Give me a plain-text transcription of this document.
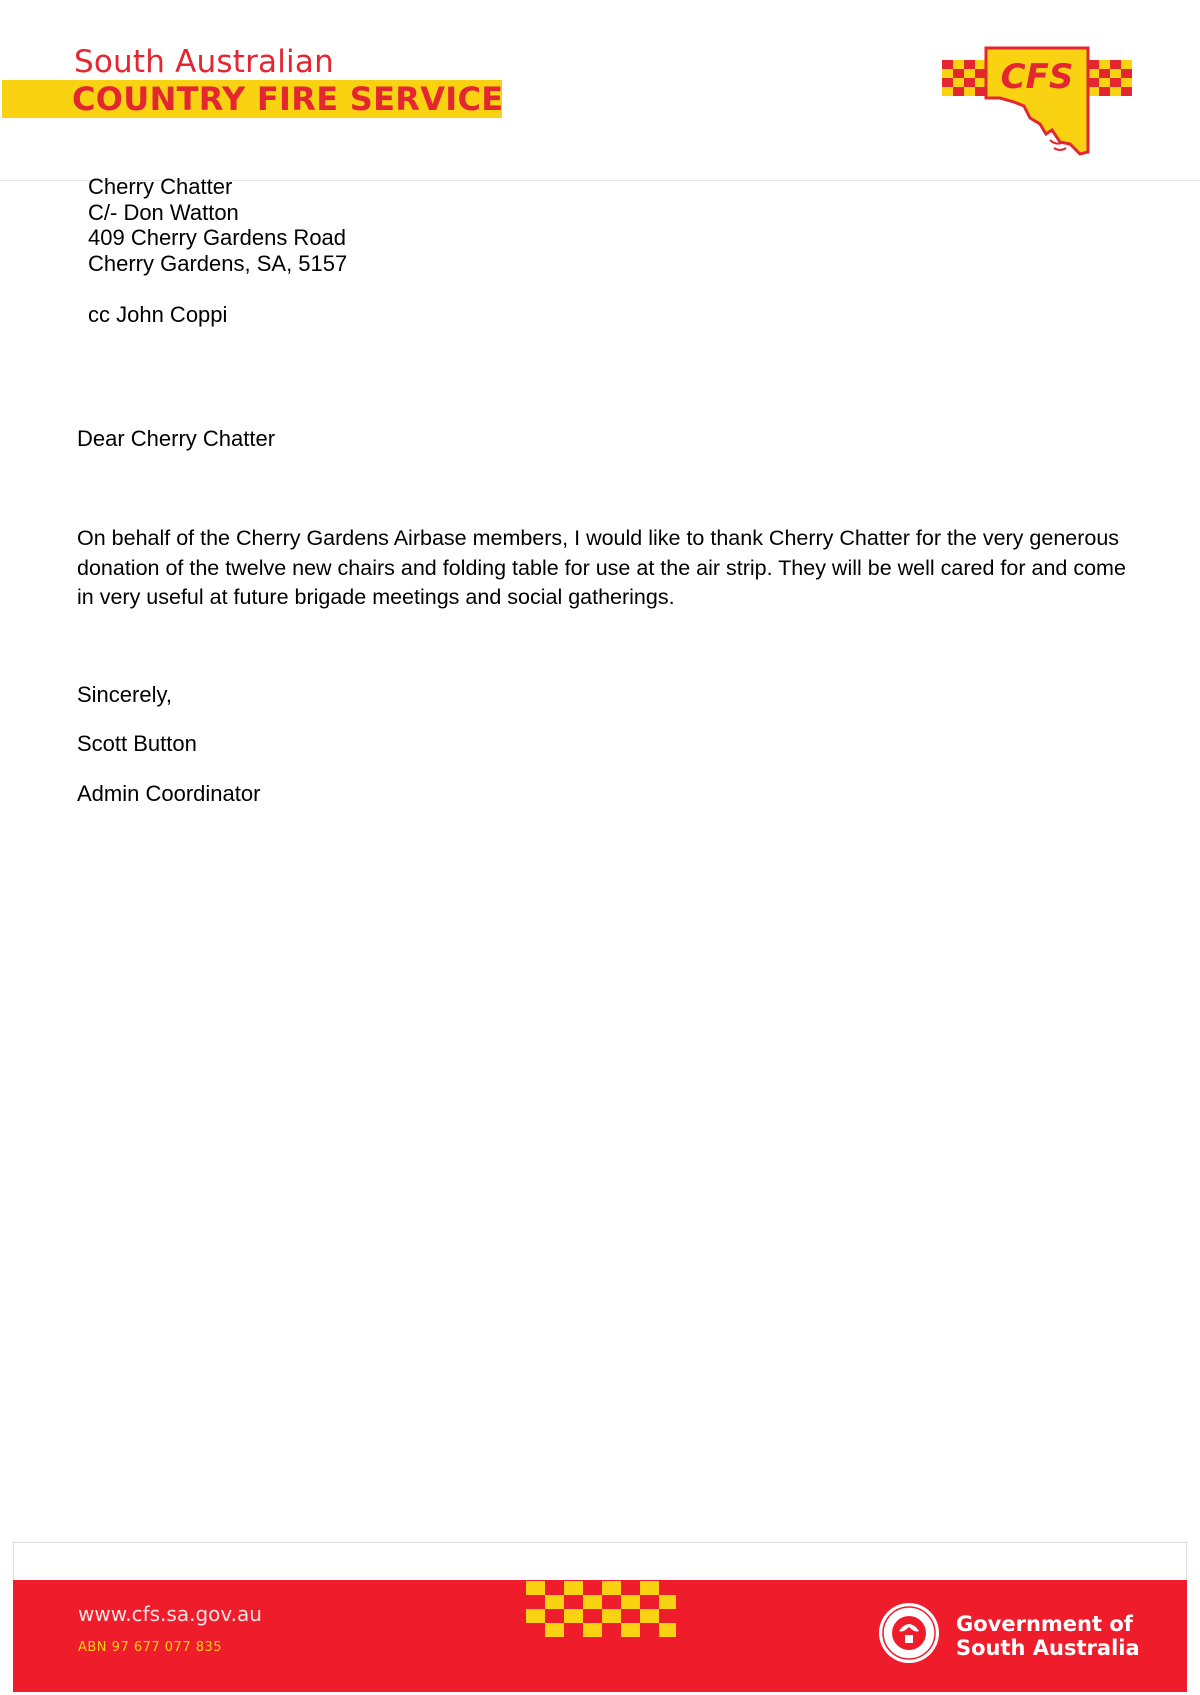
South Australian
COUNTRY FIRE SERVICE
CFS
Cherry Chatter
C/- Don Watton
409 Cherry Gardens Road
Cherry Gardens, SA, 5157
cc John Coppi
Dear Cherry Chatter
On behalf of the Cherry Gardens Airbase members, I would like to thank Cherry Chatter for the very generous donation of the twelve new chairs and folding table for use at the air strip. They will be well cared for and come in very useful at future brigade meetings and social gatherings.
Sincerely,
Scott Button
Admin Coordinator
www.cfs.sa.gov.au
ABN 97 677 077 835
Government of
South Australia
